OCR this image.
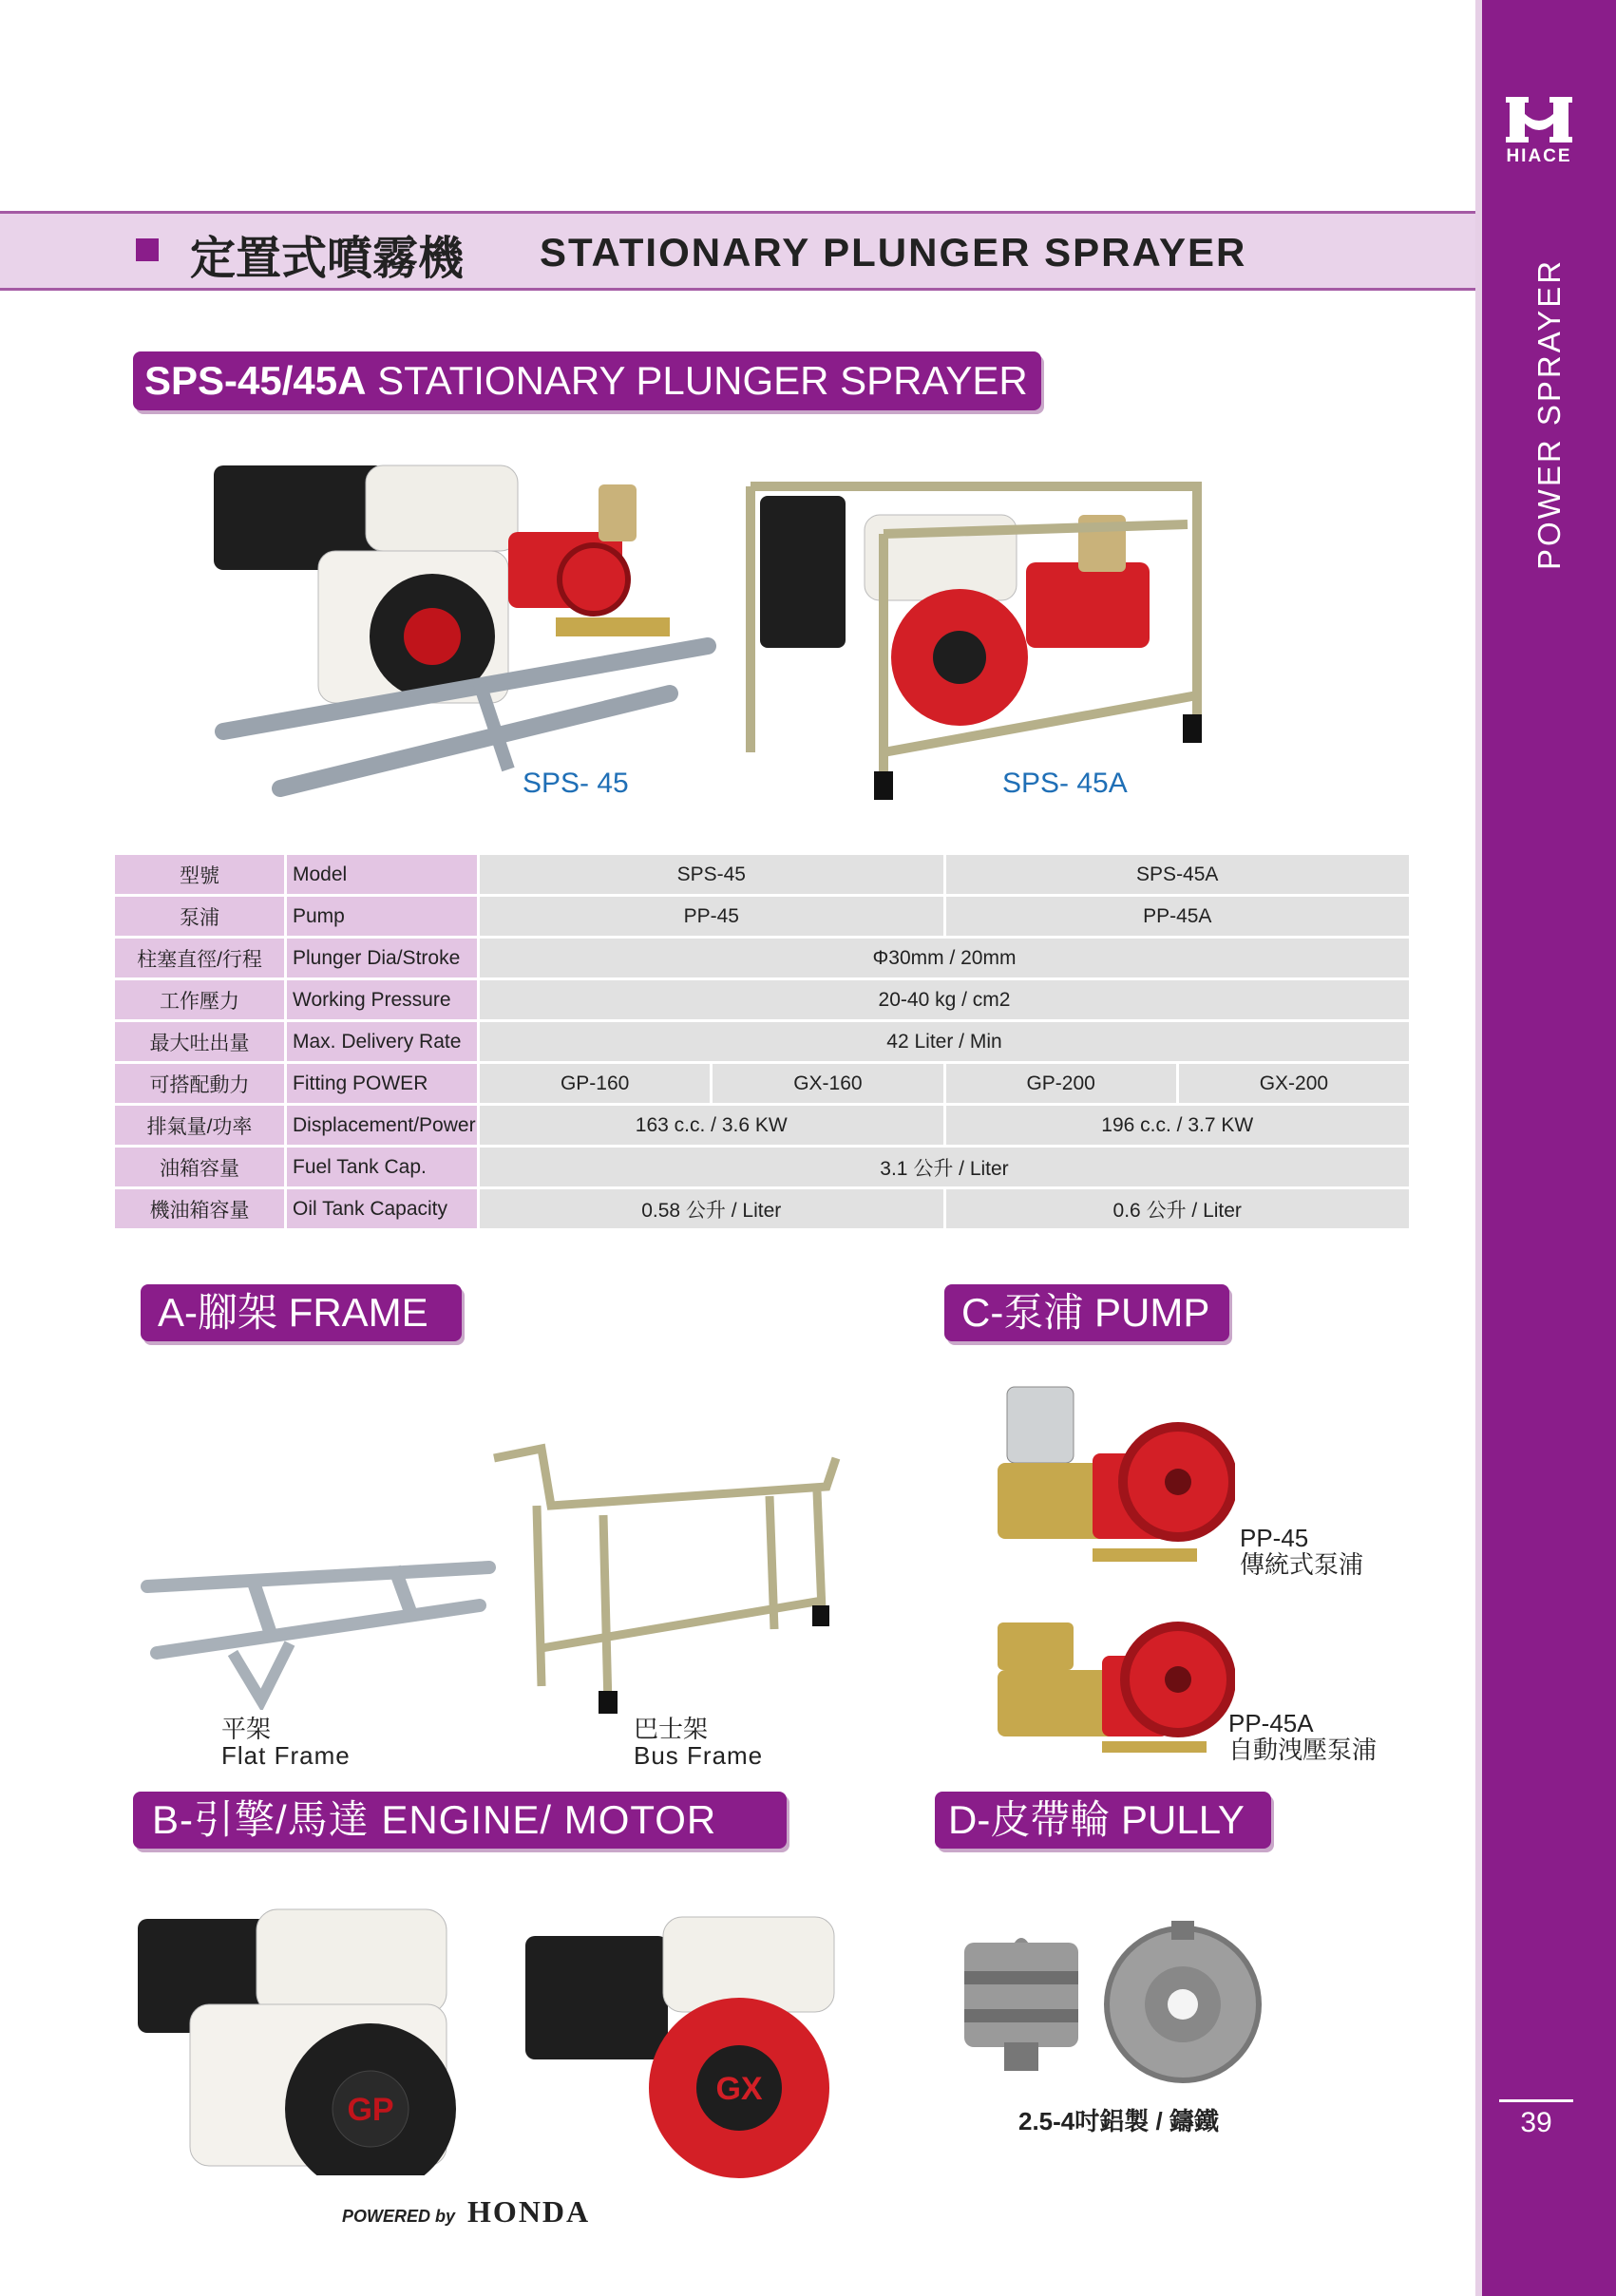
HIACE
POWER SPRAYER
39
定置式噴霧機 STATIONARY PLUNGER SPRAYER
SPS-45/45A STATIONARY PLUNGER SPRAYER
SPS- 45	SPS- 45A
型號	Model	SPS-45		SPS-45A	
泵浦	Pump	PP-45		PP-45A	
柱塞直徑/行程	Plunger Dia/Stroke	Φ30mm / 20mm			
工作壓力	Working Pressure	20-40 kg / cm2			
最大吐出量	Max. Delivery Rate	42 Liter / Min			
可搭配動力	Fitting POWER	GP-160	GX-160	GP-200	GX-200
排氣量/功率	Displacement/Power	163 c.c. / 3.6 KW		196 c.c. / 3.7 KW	
油箱容量	Fuel Tank Cap.	3.1 公升 / Liter			
機油箱容量	Oil Tank Capacity	0.58 公升 / Liter		0.6 公升 / Liter	
A-腳架 FRAME
平架
Flat Frame
巴士架
Bus Frame
C-泵浦 PUMP
PP-45
傳統式泵浦
PP-45A
自動洩壓泵浦
B-引擎/馬達 ENGINE/ MOTOR
GP
GX
POWERED by HONDA
D-皮帶輪 PULLY
2.5-4吋鋁製 / 鑄鐵
